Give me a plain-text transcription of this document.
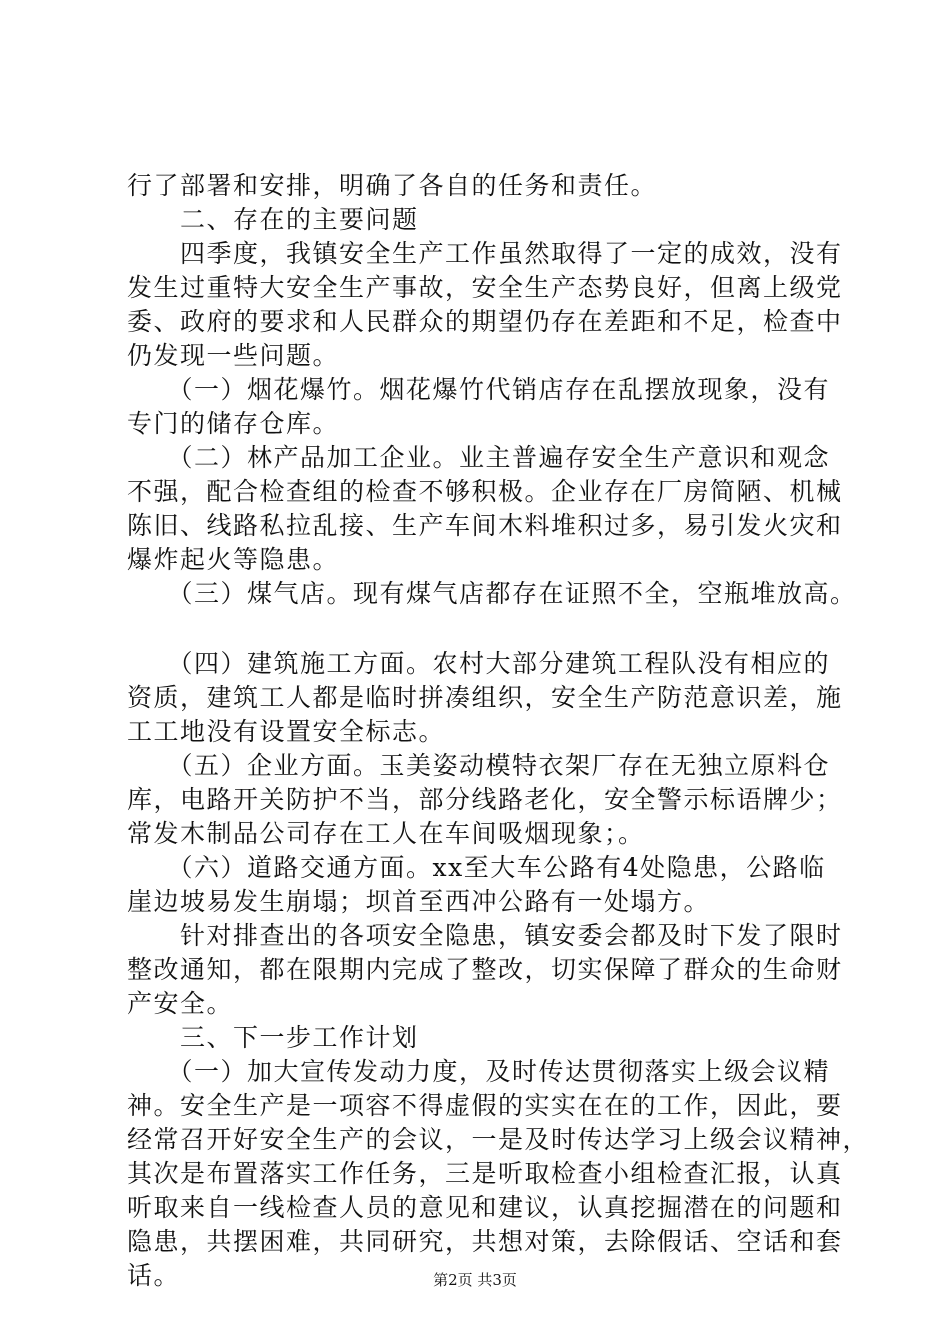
行了部署和安排，明确了各自的任务和责任。
　　二、存在的主要问题
　　四季度，我镇安全生产工作虽然取得了一定的成效，没有
发生过重特大安全生产事故，安全生产态势良好，但离上级党
委、政府的要求和人民群众的期望仍存在差距和不足，检查中
仍发现一些问题。
　　（一）烟花爆竹。烟花爆竹代销店存在乱摆放现象，没有
专门的储存仓库。
　　（二）林产品加工企业。业主普遍存安全生产意识和观念
不强，配合检查组的检查不够积极。企业存在厂房简陋、机械
陈旧、线路私拉乱接、生产车间木料堆积过多，易引发火灾和
爆炸起火等隐患。
　　（三）煤气店。现有煤气店都存在证照不全，空瓶堆放高。
　　（四）建筑施工方面。农村大部分建筑工程队没有相应的
资质，建筑工人都是临时拼凑组织，安全生产防范意识差，施
工工地没有设置安全标志。
　　（五）企业方面。玉美姿动模特衣架厂存在无独立原料仓
库，电路开关防护不当，部分线路老化，安全警示标语牌少；
常发木制品公司存在工人在车间吸烟现象；。
　　（六）道路交通方面。xx至大车公路有4处隐患，公路临
崖边坡易发生崩塌；坝首至西冲公路有一处塌方。
　　针对排查出的各项安全隐患，镇安委会都及时下发了限时
整改通知，都在限期内完成了整改，切实保障了群众的生命财
产安全。
　　三、下一步工作计划
　　（一）加大宣传发动力度，及时传达贯彻落实上级会议精
神。安全生产是一项容不得虚假的实实在在的工作，因此，要
经常召开好安全生产的会议，一是及时传达学习上级会议精神，
其次是布置落实工作任务，三是听取检查小组检查汇报，认真
听取来自一线检查人员的意见和建议，认真挖掘潜在的问题和
隐患，共摆困难，共同研究，共想对策，去除假话、空话和套
话。	第2页 共3页
